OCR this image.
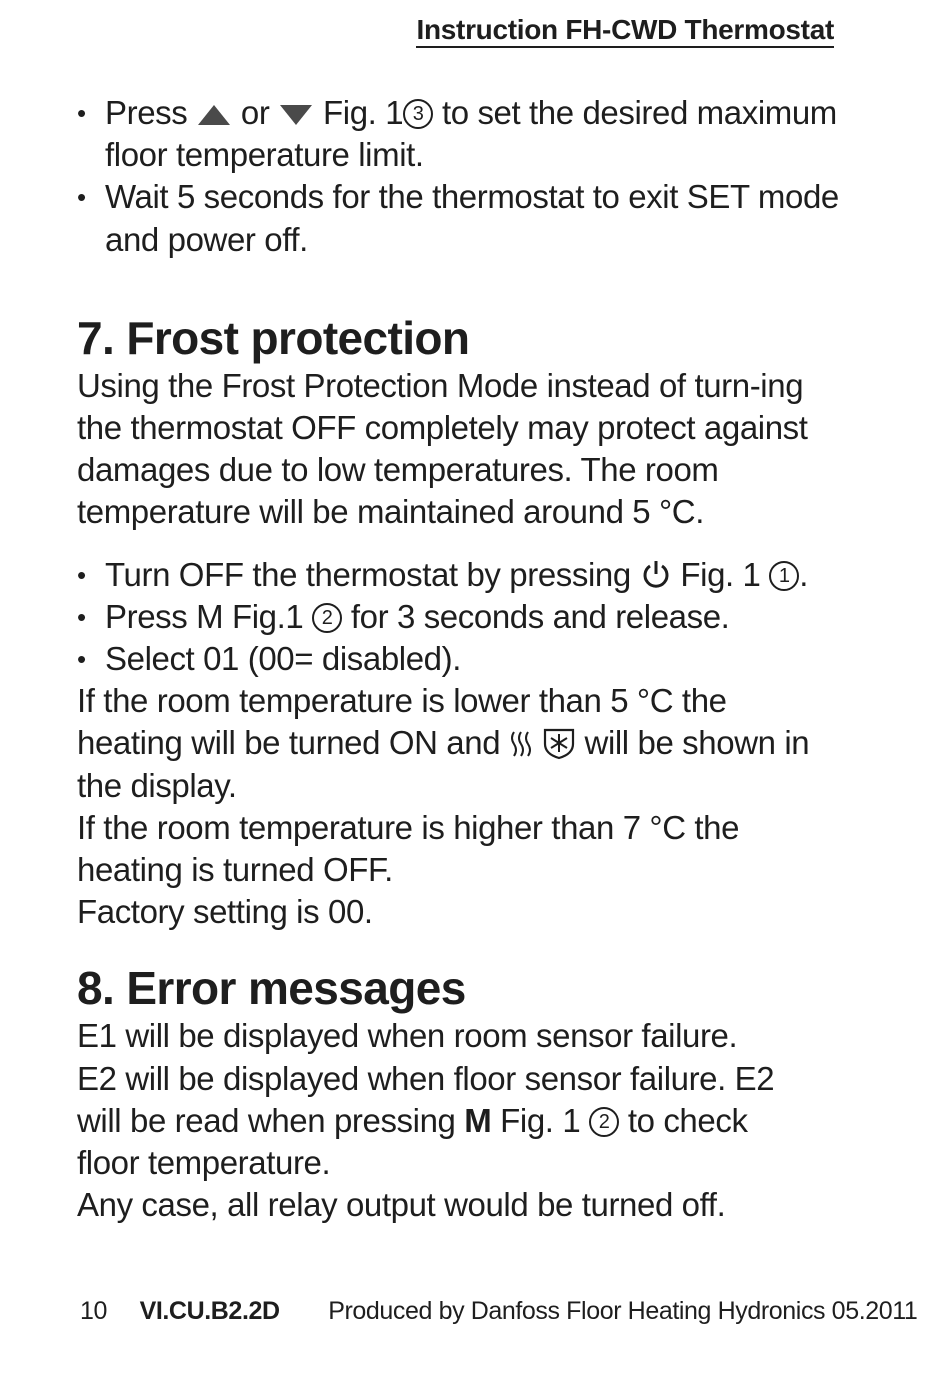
Instruction FH-CWD Thermostat
• Press or Fig. 1 3 to set the desired maximum floor temperature limit.
• Wait 5 seconds for the thermostat to exit SET mode and power off.
7. Frost protection

Using the Frost Protection Mode instead of turn-ing the thermostat OFF completely may protect against damages due to low temperatures. The room temperature will be maintained around 5 °C.

• Turn OFF the thermostat by pressing Fig. 1 1 .
• Press M Fig.1 2 for 3 seconds and release.
• Select 01 (00= disabled).

If the room temperature is lower than 5 °C the heating will be turned ON and	will be shown in the display.

If the room temperature is higher than 7 °C the heating is turned OFF.

Factory setting is 00.

8. Error messages

E1 will be displayed when room sensor failure.

E2 will be displayed when floor sensor failure. E2 will be read when pressing M Fig. 1 2 to check floor temperature.

Any case, all relay output would be turned off.

10 VI.CU.B2.2D Produced by Danfoss Floor Heating Hydronics 05.2011
